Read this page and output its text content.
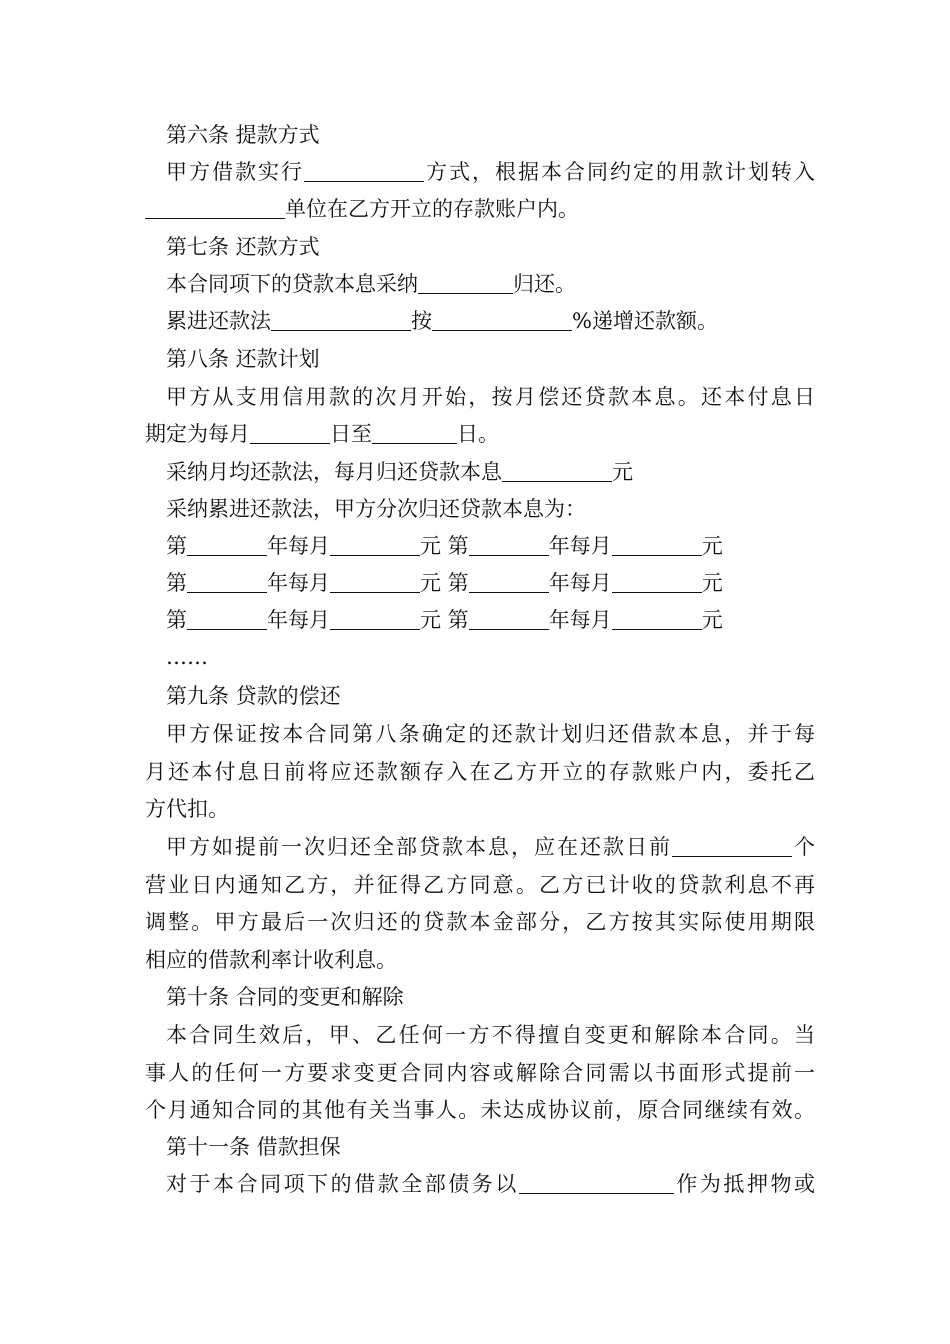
第六条 提款方式
甲方借款实行	方式，根据本合同约定的用款计划转入
单位在乙方开立的存款账户内。
第七条 还款方式
本合同项下的贷款本息采纳	归还。
累进还款法	按	%递增还款额。
第八条 还款计划
甲方从支用信用款的次月开始，按月偿还贷款本息。还本付息日
期定为每月	日至	日。
采纳月均还款法，每月归还贷款本息	元
采纳累进还款法，甲方分次归还贷款本息为：
第	年每月	元 第	年每月	元
第	年每月	元 第	年每月	元
第	年每月	元 第	年每月	元
……
第九条 贷款的偿还
甲方保证按本合同第八条确定的还款计划归还借款本息，并于每
月还本付息日前将应还款额存入在乙方开立的存款账户内，委托乙
方代扣。
甲方如提前一次归还全部贷款本息，应在还款日前	个
营业日内通知乙方，并征得乙方同意。乙方已计收的贷款利息不再
调整。甲方最后一次归还的贷款本金部分，乙方按其实际使用期限
相应的借款利率计收利息。
第十条 合同的变更和解除
本合同生效后，甲、乙任何一方不得擅自变更和解除本合同。当
事人的任何一方要求变更合同内容或解除合同需以书面形式提前一
个月通知合同的其他有关当事人。未达成协议前，原合同继续有效。
第十一条 借款担保
对于本合同项下的借款全部债务以	作为抵押物或
